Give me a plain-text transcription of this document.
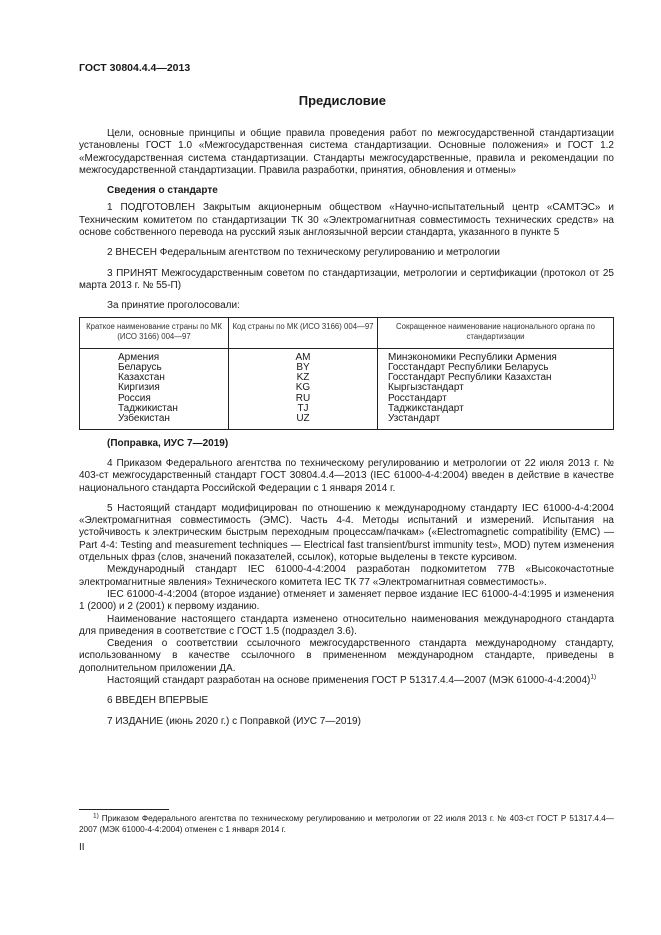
ГОСТ 30804.4.4—2013
Предисловие

Цели, основные принципы и общие правила проведения работ по межгосударственной стандартизации установлены ГОСТ 1.0 «Межгосударственная система стандартизации. Основные положения» и ГОСТ 1.2 «Межгосударственная система стандартизации. Стандарты межгосударственные, правила и рекомендации по межгосударственной стандартизации. Правила разработки, принятия, обновления и отмены»

Сведения о стандарте

1 ПОДГОТОВЛЕН Закрытым акционерным обществом «Научно-испытательный центр «САМТЭС» и Техническим комитетом по стандартизации ТК 30 «Электромагнитная совместимость технических средств» на основе собственного перевода на русский язык англоязычной версии стандарта, указанного в пункте 5

2 ВНЕСЕН Федеральным агентством по техническому регулированию и метрологии

3 ПРИНЯТ Межгосударственным советом по стандартизации, метрологии и сертификации (протокол от 25 марта 2013 г. № 55-П)

За принятие проголосовали:

Краткое наименование страны по МК (ИСО 3166) 004—97	Код страны по МК (ИСО 3166) 004—97	Сокращенное наименование национального органа по стандартизации
Армения	AM	Минэкономики Республики Армения
Беларусь	BY	Госстандарт Республики Беларусь
Казахстан	KZ	Госстандарт Республики Казахстан
Киргизия	KG	Кыргызстандарт
Россия	RU	Росстандарт
Таджикистан	TJ	Таджикстандарт
Узбекистан	UZ	Узстандарт

(Поправка, ИУС 7—2019)

4 Приказом Федерального агентства по техническому регулированию и метрологии от 22 июля 2013 г. № 403-ст межгосударственный стандарт ГОСТ 30804.4.4—2013 (IEC 61000-4-4:2004) введен в действие в качестве национального стандарта Российской Федерации с 1 января 2014 г.

5 Настоящий стандарт модифицирован по отношению к международному стандарту IEC 61000-4-4:2004 «Электромагнитная совместимость (ЭМС). Часть 4-4. Методы испытаний и измерений. Испытания на устойчивость к электрическим быстрым переходным процессам/пачкам» («Electromagnetic compatibility (EMC) — Part 4-4: Testing and measurement techniques — Electrical fast transient/burst immunity test», MOD) путем изменения отдельных фраз (слов, значений показателей, ссылок), которые выделены в тексте курсивом.

Международный стандарт IEC 61000-4-4:2004 разработан подкомитетом 77В «Высокочастотные электромагнитные явления» Технического комитета IEC ТК 77 «Электромагнитная совместимость».

IEC 61000-4-4:2004 (второе издание) отменяет и заменяет первое издание IEC 61000-4-4:1995 и изменения 1 (2000) и 2 (2001) к первому изданию.

Наименование настоящего стандарта изменено относительно наименования международного стандарта для приведения в соответствие с ГОСТ 1.5 (подраздел 3.6).

Сведения о соответствии ссылочного межгосударственного стандарта международному стандарту, использованному в качестве ссылочного в примененном международном стандарте, приведены в дополнительном приложении ДА.

Настоящий стандарт разработан на основе применения ГОСТ Р 51317.4.4—2007 (МЭК 61000-4-4:2004)$^{1)}$

6 ВВЕДЕН ВПЕРВЫЕ

7 ИЗДАНИЕ (июнь 2020 г.) с Поправкой (ИУС 7—2019)

$^{1)}$ Приказом Федерального агентства по техническому регулированию и метрологии от 22 июля 2013 г. № 403-ст ГОСТ Р 51317.4.4—2007 (МЭК 61000-4-4:2004) отменен с 1 января 2014 г.
II
